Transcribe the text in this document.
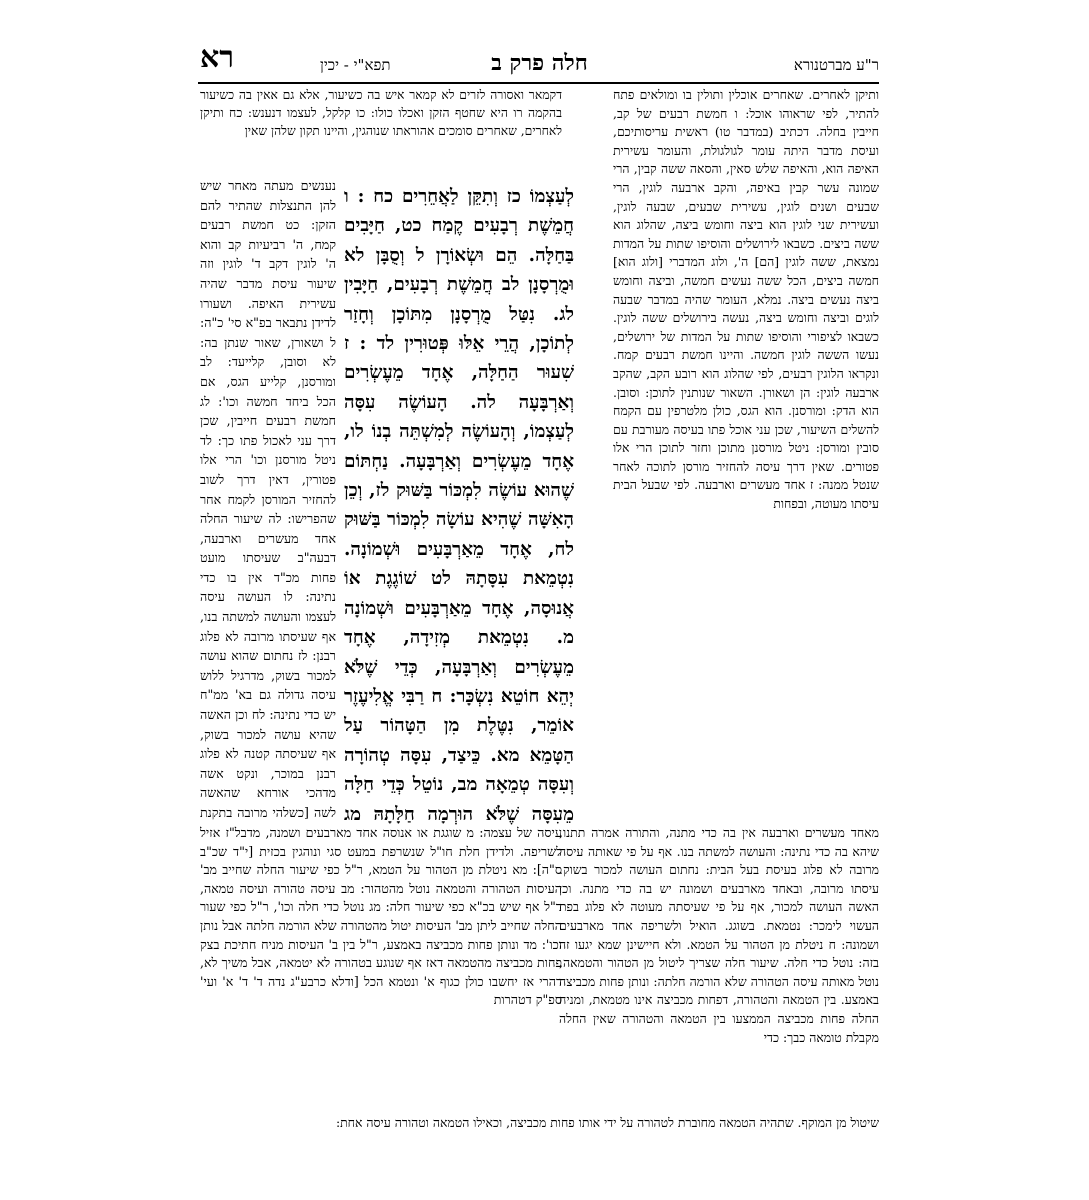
ר"ע מברטנורא
חלה פרק ב
תפא"י - יכין
רא

ותיקן לאחרים. שאחרים אוכלין ותולין בו ומולאים פתח להתיר, לפי שראוהו אוכל: ו חמשת רבעים של קב, חייבין בחלה. דכתיב (במדבר טו) ראשית עריסותיכם, ועיסת מדבר היתה עומר לגולגולת, והעומר עשירית האיפה הוא, והאיפה שלש סאין, והסאה ששה קבין, הרי שמונה עשר קבין באיפה, והקב ארבעה לוגין, הרי שבעים ושנים לוגין, עשירית שבעים, שבעה לוגין, ועשירית שני לוגין הוא ביצה וחומש ביצה, שהלוג הוא ששה ביצים. כשבאו לירושלים והוסיפו שתות על המדות נמצאת, ששה לוגין [הם] ה', ולוג המדברי [ולוג הוא] חמשה ביצים, הכל ששה נעשים חמשה, וביצה וחומש ביצה נעשים ביצה. נמלא, העומר שהיה במדבר שבעה לוגים וביצה וחומש ביצה, נעשה בירושלים ששה לוגין. כשבאו לציפורי והוסיפו שתות על המדות של ירושלים, נעשו הששה לוגין חמשה. והיינו חמשת רבעים קמח. ונקראו הלוגין רבעים, לפי שהלוג הוא רובע הקב, שהקב ארבעה לוגין: הן ושאורן. השאור שנותנין לתוכן: וסובן. הוא הדק: ומורסנן. הוא הגס, כולן מלטרפין עם הקמח להשלים השיעור, שכן עני אוכל פתו בעיסה מעורבת עם סובין ומורסן: ניטל מורסנן מתוכן וחזר לתוכן הרי אלו פטורים. שאין דרך עיסה להחזיר מורסן לתוכה לאחר שנטל ממנה: ז אחד מעשרים וארבעה. לפי שבעל הבית עיסתו מעוטה, ובפחות

דקמאר ואסורה לזרים לא קמאר איש בה כשיעור, אלא גם אאין בה כשיעור בהקמה רו היא שחטף הזקן ואכלו כולו: כו קלקל, לעצמו דנענש: כח ותיקן לאחרים, שאחרים סומכים אהוראתו שנוהגין, והיינו תקון שלהן שאין

לְעַצְמוֹ כז וְתִקֵּן לַאֲחֵרִים כח : ו חֲמֵשֶׁת רְבָעִים קֶמַח כט, חַיָּבִים בַּחַלָּה. הֵם וּשְׂאוֹרָן ל וְסֻבָּן לא וּמֻרְסָנָן לב חֲמֵשֶׁת רְבָעִים, חַיָּבִין לג. נִטַּל מֻרְסָנָן מִתּוֹכָן וְחָזַר לְתוֹכָן, הֲרֵי אֵלּוּ פְּטוּרִין לד : ז שִׁעוּר הַחַלָּה, אֶחָד מֵעֶשְׂרִים וְאַרְבָּעָה לה. הָעוֹשֶׂה עִסָּה לְעַצְמוֹ, וְהָעוֹשֶׂה לְמִשְׁתֵּה בְנוֹ לו, אֶחָד מֵעֶשְׂרִים וְאַרְבָּעָה. נַחְתּוֹם שֶׁהוּא עוֹשֶׂה לִמְכּוֹר בַּשּׁוּק לז, וְכֵן הָאִשָּׁה שֶׁהִיא עוֹשָׂה לִמְכּוֹר בַּשּׁוּק לח, אֶחָד מֵאַרְבָּעִים וּשְׁמוֹנָה. נִטְמֵאת עִסָּתָהּ לט שׁוֹגֶגֶת אוֹ אֲנוּסָה, אֶחָד מֵאַרְבָּעִים וּשְׁמוֹנָה מ. נִטְמֵאת מְזִידָה, אֶחָד מֵעֶשְׂרִים וְאַרְבָּעָה, כְּדֵי שֶׁלֹּא יְהֵא חוֹטֵא נִשְׂכָּר: ח רַבִּי אֱלִיעֶזֶר אוֹמֵר, נִטֶּלֶת מִן הַטָּהוֹר עַל הַטָּמֵא מא. כֵּיצַד, עִסָּה טְהוֹרָה וְעִסָּה טְמֵאָה מב, נוֹטֵל כְּדֵי חַלָּה מֵעִסָּה שֶׁלֹּא הוּרְמָה חַלָּתָהּ מג

נענשים מעתה מאחר שיש להן התנצלות שהתיר להם הזקן: כט חמשת רבעים קמח, ה' רביעיות קב והוא ה' לוגין דקב ד' לוגין וזה שיעור עיסת מדבר שהיה עשירית האיפה. ושעורו לדידן נתבאר בפ"א סי' כ"ה: ל ושאורן, שאור שנתן בה: לא וסובן, קלייעד: לב ומורסנן, קלייע הגס, אם הכל ביחד חמשה וכו': לג חמשת רבעים חייבין, שכן דרך עני לאכול פתו כך: לד ניטל מורסנן וכו' הרי אלו פטורין, דאין דרך לשוב להחזיר המורסן לקמח אחר שהפרישו: לה שיעור החלה אחד מעשרים וארבעה, דבעה"ב שעיסתו מועט פחות מכ"ד אין בו כדי נתינה: לו העושה עיסה לעצמו והעושה למשתה בנו, אף שעיסתו מרובה לא פלוג רבנן: לז נחתום שהוא עושה למכור בשוק, מדרגיל ללוש עיסה גדולה גם בא' ממ"ח יש כדי נתינה: לח וכן האשה שהיא עושה למכור בשוק, אף שעיסתה קטנה לא פלוג רבנן במוכר, ונקט אשה מדהכי אורחא שהאשה לשה [כשלהי מרובה בתקנת

מאחד מעשרים וארבעה אין בה כדי מתנה, והתורה אמרה תתנו, שיהא בה כדי נתינה: והעושה למשתה בנו. אף על פי שאותה עיסה מרובה לא פלוג בעיסת בעל הבית: נחתום העושה למכור בשוק. עיסתו מרובה, ובאחד מארבעים ושמונה יש בה כדי מתנה. וכן האשה העושה למכור, אף על פי שעיסתה מעוטה לא פלוג בפת העשוי לימכר: נטמאת. בשוגג. הואיל ולשריפה אחד מארבעים ושמונה: ח ניטלת מן הטהור על הטמא. ולא חיישינן שמא יגעו זה בזה: נוטל כדי חלה. שיעור חלה שצריך ליטול מן הטהור והטמאה, נוטל מאותה עיסה הטהורה שלא הורמה חלתה: ונותן פחות מכביצה באמצע. בין הטמאה והטהורה, דפחות מכביצה אינו מטמאת, ומניח החלה פחות מכביצה הממצעו בין הטמאה והטהורה שאין החלה מקבלת טומאה כבך: כדי

עיסה של עצמה: מ שוגגת או אנוסה אחד מארבעים ושמנה, מדבל"ז אזיל לשריפה. ולדידן חלת חו"ל שנשרפת במעט סגי ונוהגין בכזית [י"ד שכ"ב ס"ה]: מא ניטלת מן הטהור על הטמא, ר"ל כפי שיעור החלה שחייב מב' העיסות הטהורה והטמאה נוטל מהטהור: מב עיסה טהורה ועיסה טמאה, ר"ל אף שיש בכ"א כפי שיעור חלה: מג נוטל כדי חלה וכו', ר"ל כפי שעור החלה שחייב ליתן מב' העיסות יטול מהטהורה שלא הורמה חלתה אבל נותן וכו': מד ונותן פחות מכביצה באמצע, ר"ל בין ב' העיסות מניח חתיכת בצק פחות מכביצה מהטמאה דאז אף שנוגע בטהורה לא יטמאה, אבל משיך לא, דהרי אז יחשבו כולן כגוף א' ונטמא הכל [ודלא כרבע"ג נדה ד' ד' א' ועי' ספ"ק דטהרות

שיטול מן המוקף. שתהיה הטמאה מחוברת לטהורה על ידי אותו פחות מכביצה, וכאילו הטמאה וטהורה עיסה אחת:
